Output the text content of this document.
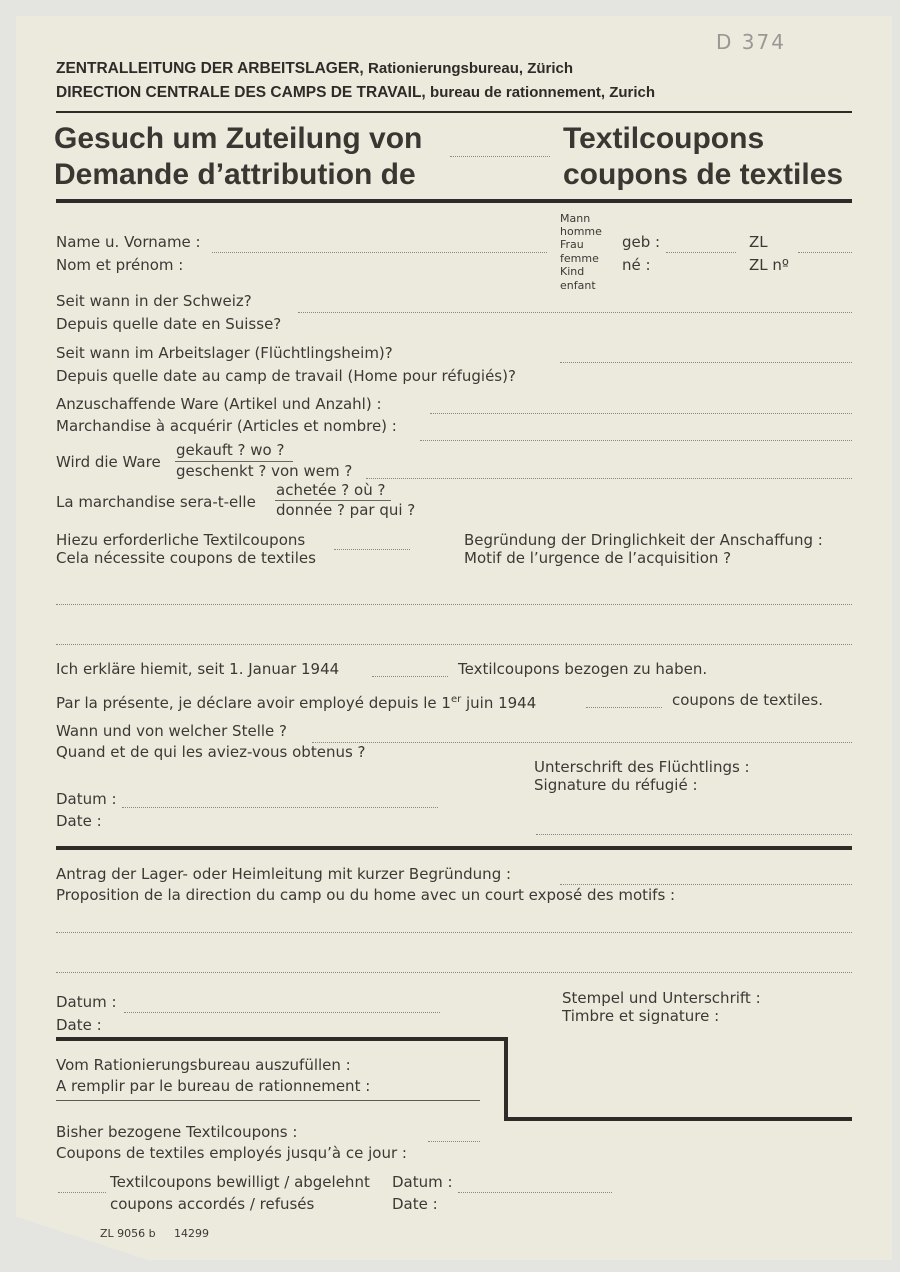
D 374
ZENTRALLEITUNG DER ARBEITSLAGER, Rationierungsbureau, Zürich
DIRECTION CENTRALE DES CAMPS DE TRAVAIL, bureau de rationnement, Zurich
Gesuch um Zuteilung von
Demande d’attribution de
Textilcoupons
coupons de textiles
Name u. Vorname :
Nom et prénom :
Mann
homme
Frau
femme
Kind
enfant
geb :
né :
ZL
ZL nº
Seit wann in der Schweiz?
Depuis quelle date en Suisse?
Seit wann im Arbeitslager (Flüchtlingsheim)?
Depuis quelle date au camp de travail (Home pour réfugiés)?
Anzuschaffende Ware (Artikel und Anzahl) :
Marchandise à acquérir (Articles et nombre) :
Wird die Ware
gekauft ? wo ?
geschenkt ? von wem ?
La marchandise sera-t-elle
achetée ? où ?
donnée ? par qui ?
Hiezu erforderliche Textilcoupons
Cela nécessite coupons de textiles
Begründung der Dringlichkeit der Anschaffung :
Motif de l’urgence de l’acquisition ?
Ich erkläre hiemit, seit 1. Januar 1944	Textilcoupons bezogen zu haben.
Par la présente, je déclare avoir employé depuis le 1er juin 1944	coupons de textiles.
Wann und von welcher Stelle ?
Quand et de qui les aviez-vous obtenus ?
Unterschrift des Flüchtlings :
Signature du réfugié :
Datum :
Date :
Antrag der Lager- oder Heimleitung mit kurzer Begründung :
Proposition de la direction du camp ou du home avec un court exposé des motifs :
Datum :
Date :
Stempel und Unterschrift :
Timbre et signature :
Vom Rationierungsbureau auszufüllen :
A remplir par le bureau de rationnement :
Bisher bezogene Textilcoupons :
Coupons de textiles employés jusqu’à ce jour :
Textilcoupons bewilligt / abgelehnt
coupons accordés / refusés
Datum :
Date :
ZL 9056 b 14299
